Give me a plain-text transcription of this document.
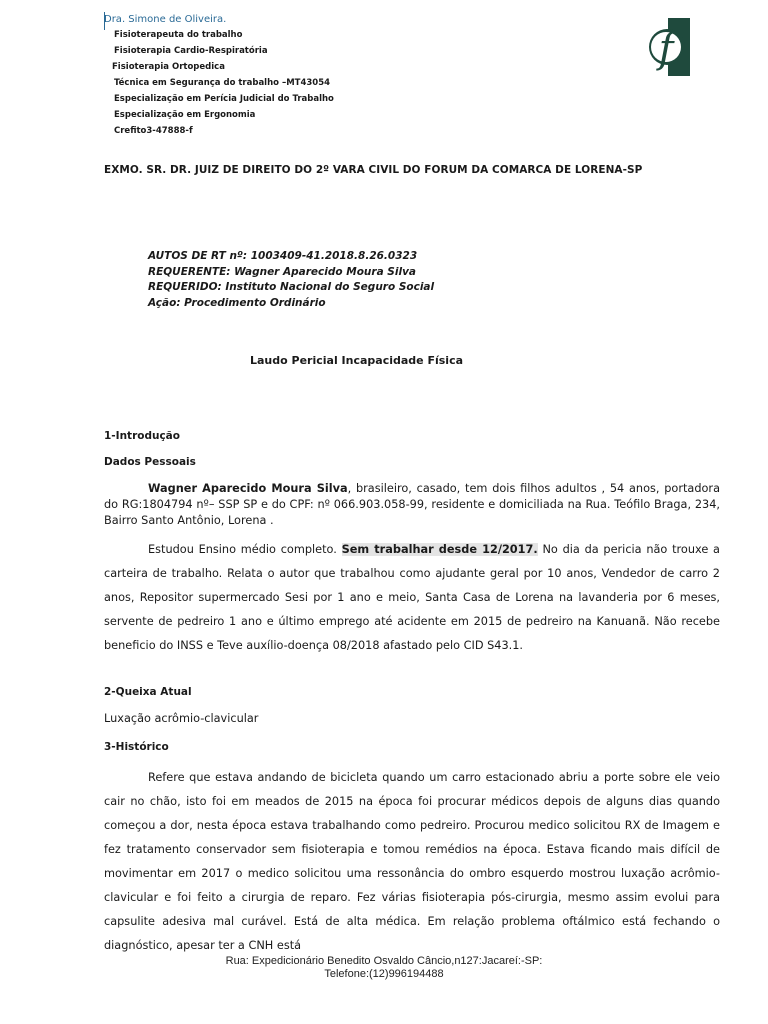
Dra. Simone de Oliveira.
Fisioterapeuta do trabalho
Fisioterapia Cardio-Respiratória
Fisioterapia Ortopedica
Técnica em Segurança do trabalho –MT43054
Especialização em Perícia Judicial do Trabalho
Especialização em Ergonomia
Crefito3-47888-f
f
EXMO. SR. DR. JUIZ DE DIREITO DO 2º VARA CIVIL DO FORUM DA COMARCA DE LORENA-SP
AUTOS DE RT nº: 1003409-41.2018.8.26.0323
REQUERENTE: Wagner Aparecido Moura Silva
REQUERIDO: Instituto Nacional do Seguro Social
Ação: Procedimento Ordinário
Laudo Pericial Incapacidade Física
1-Introdução
Dados Pessoais

Wagner Aparecido Moura Silva, brasileiro, casado, tem dois filhos adultos , 54 anos, portadora do RG:1804794 nº– SSP SP e do CPF: nº 066.903.058-99, residente e domiciliada na Rua. Teófilo Braga, 234, Bairro Santo Antônio, Lorena .

Estudou Ensino médio completo. Sem trabalhar desde 12/2017. No dia da pericia não trouxe a carteira de trabalho. Relata o autor que trabalhou como ajudante geral por 10 anos, Vendedor de carro 2 anos, Repositor supermercado Sesi por 1 ano e meio, Santa Casa de Lorena na lavanderia por 6 meses, servente de pedreiro 1 ano e último emprego até acidente em 2015 de pedreiro na Kanuanã. Não recebe beneficio do INSS e Teve auxílio-doença 08/2018 afastado pelo CID S43.1.

2-Queixa Atual

Luxação acrômio-clavicular

3-Histórico

Refere que estava andando de bicicleta quando um carro estacionado abriu a porte sobre ele veio cair no chão, isto foi em meados de 2015 na época foi procurar médicos depois de alguns dias quando começou a dor, nesta época estava trabalhando como pedreiro. Procurou medico solicitou RX de Imagem e fez tratamento conservador sem fisioterapia e tomou remédios na época. Estava ficando mais difícil de movimentar em 2017 o medico solicitou uma ressonância do ombro esquerdo mostrou luxação acrômio-clavicular e foi feito a cirurgia de reparo. Fez várias fisioterapia pós-cirurgia, mesmo assim evolui para capsulite adesiva mal curável. Está de alta médica. Em relação problema oftálmico está fechando o diagnóstico, apesar ter a CNH está

Rua: Expedicionário Benedito Osvaldo Câncio,n127:Jacareí:-SP:
Telefone:(12)996194488
